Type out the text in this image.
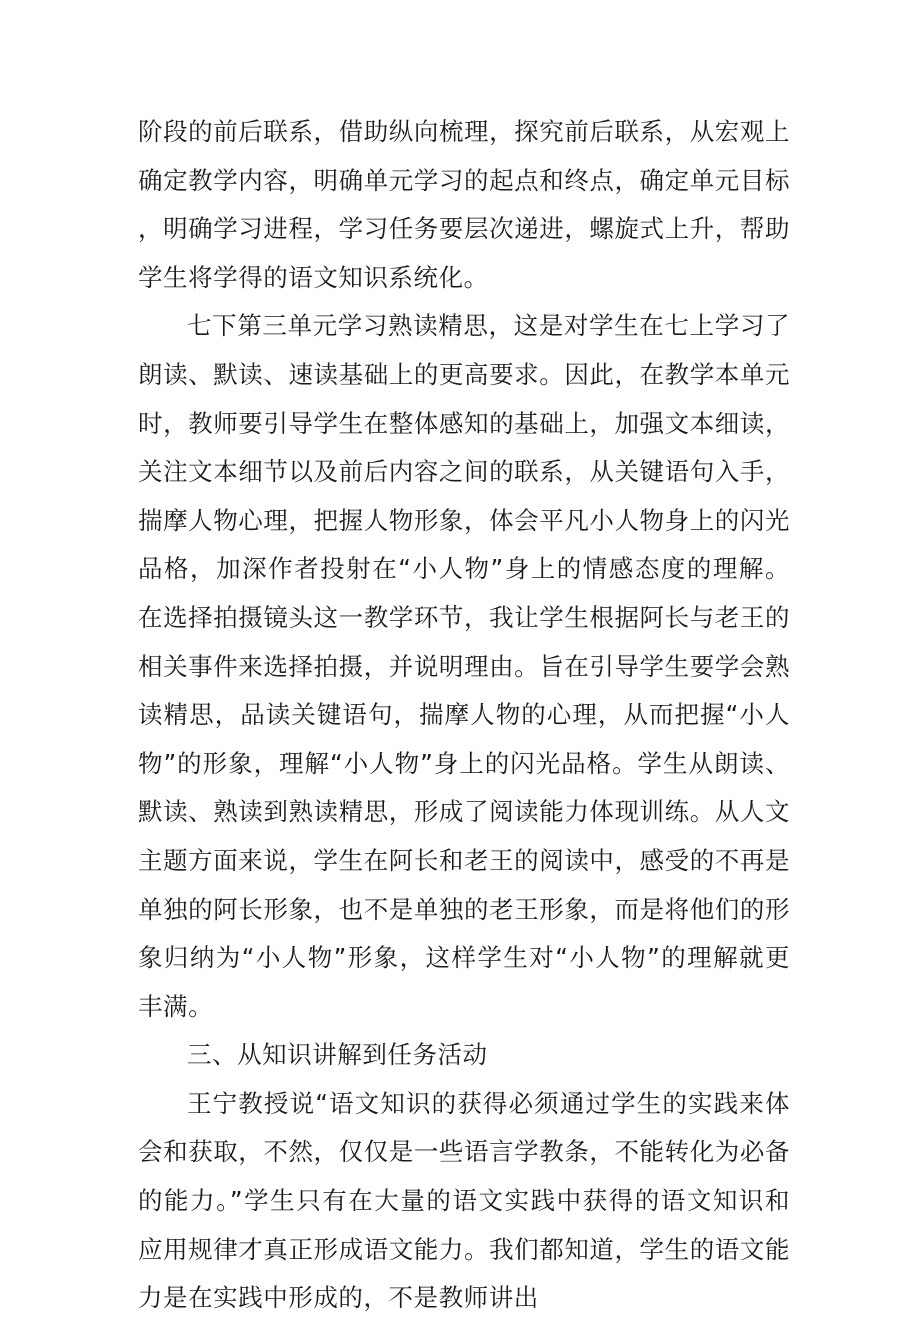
阶段的前后联系，借助纵向梳理，探究前后联系，从宏观上确定教学内容，明确单元学习的起点和终点，确定单元目标，明确学习进程，学习任务要层次递进，螺旋式上升，帮助学生将学得的语文知识系统化。

七下第三单元学习熟读精思，这是对学生在七上学习了朗读、默读、速读基础上的更高要求。因此，在教学本单元时，教师要引导学生在整体感知的基础上，加强文本细读，关注文本细节以及前后内容之间的联系，从关键语句入手，揣摩人物心理，把握人物形象，体会平凡小人物身上的闪光品格，加深作者投射在“小人物”身上的情感态度的理解。在选择拍摄镜头这一教学环节，我让学生根据阿长与老王的相关事件来选择拍摄，并说明理由。旨在引导学生要学会熟读精思，品读关键语句，揣摩人物的心理，从而把握“小人物”的形象，理解“小人物”身上的闪光品格。学生从朗读、默读、熟读到熟读精思，形成了阅读能力体现训练。从人文主题方面来说，学生在阿长和老王的阅读中，感受的不再是单独的阿长形象，也不是单独的老王形象，而是将他们的形象归纳为“小人物”形象，这样学生对“小人物”的理解就更丰满。

三、从知识讲解到任务活动

王宁教授说“语文知识的获得必须通过学生的实践来体会和获取，不然，仅仅是一些语言学教条，不能转化为必备的能力。”学生只有在大量的语文实践中获得的语文知识和应用规律才真正形成语文能力。我们都知道，学生的语文能力是在实践中形成的，不是教师讲出
